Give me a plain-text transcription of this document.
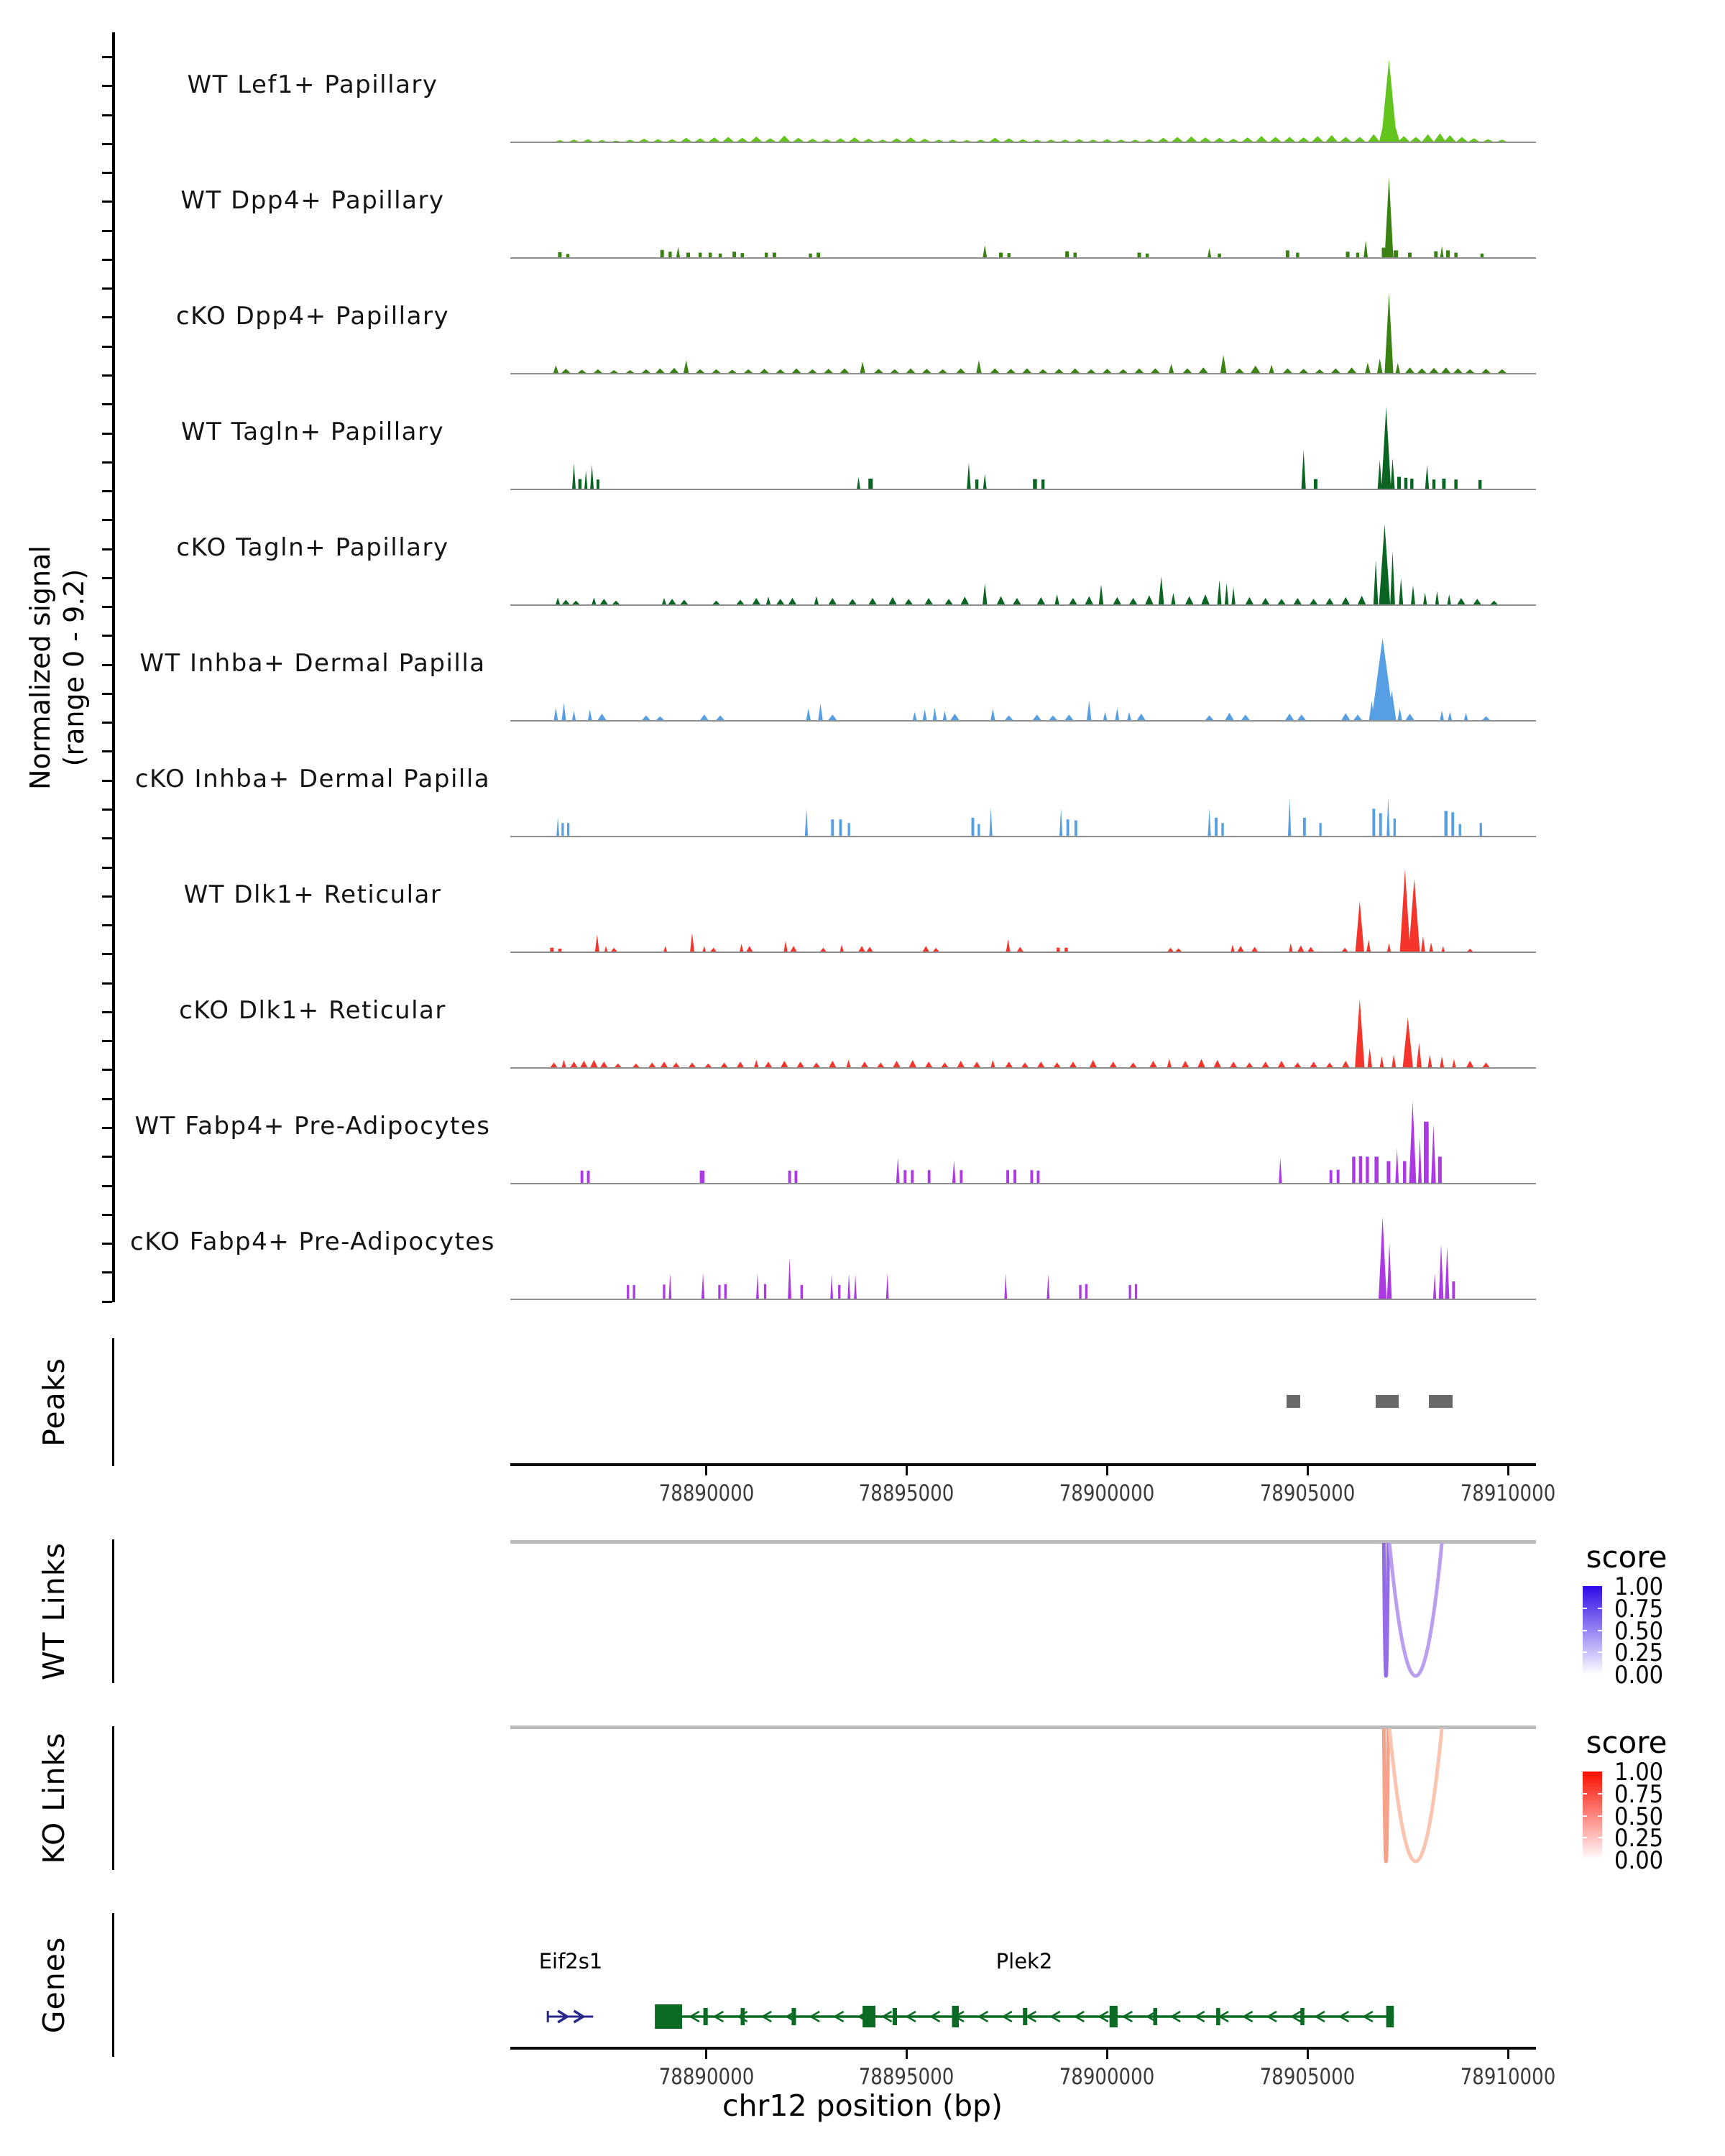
Normalized signal (range 0 - 9.2)
Peaks
WT Links
KO Links
Genes	Eif2s1	Plek2
chr12 position (bp)
WT Lef1+ Papillary
WT Dpp4+ Papillary
cKO Dpp4+ Papillary
WT Tagln+ Papillary
cKO Tagln+ Papillary
WT Inhba+ Dermal Papilla
cKO Inhba+ Dermal Papilla
WT Dlk1+ Reticular
cKO Dlk1+ Reticular
WT Fabp4+ Pre-Adipocytes
cKO Fabp4+ Pre-Adipocytes
78890000	78895000	78900000	78905000	78910000
78890000	78895000	78900000	78905000	78910000
score
1.00
0.75
0.50
0.25
0.00
score
1.00
0.75
0.50
0.25
0.00
